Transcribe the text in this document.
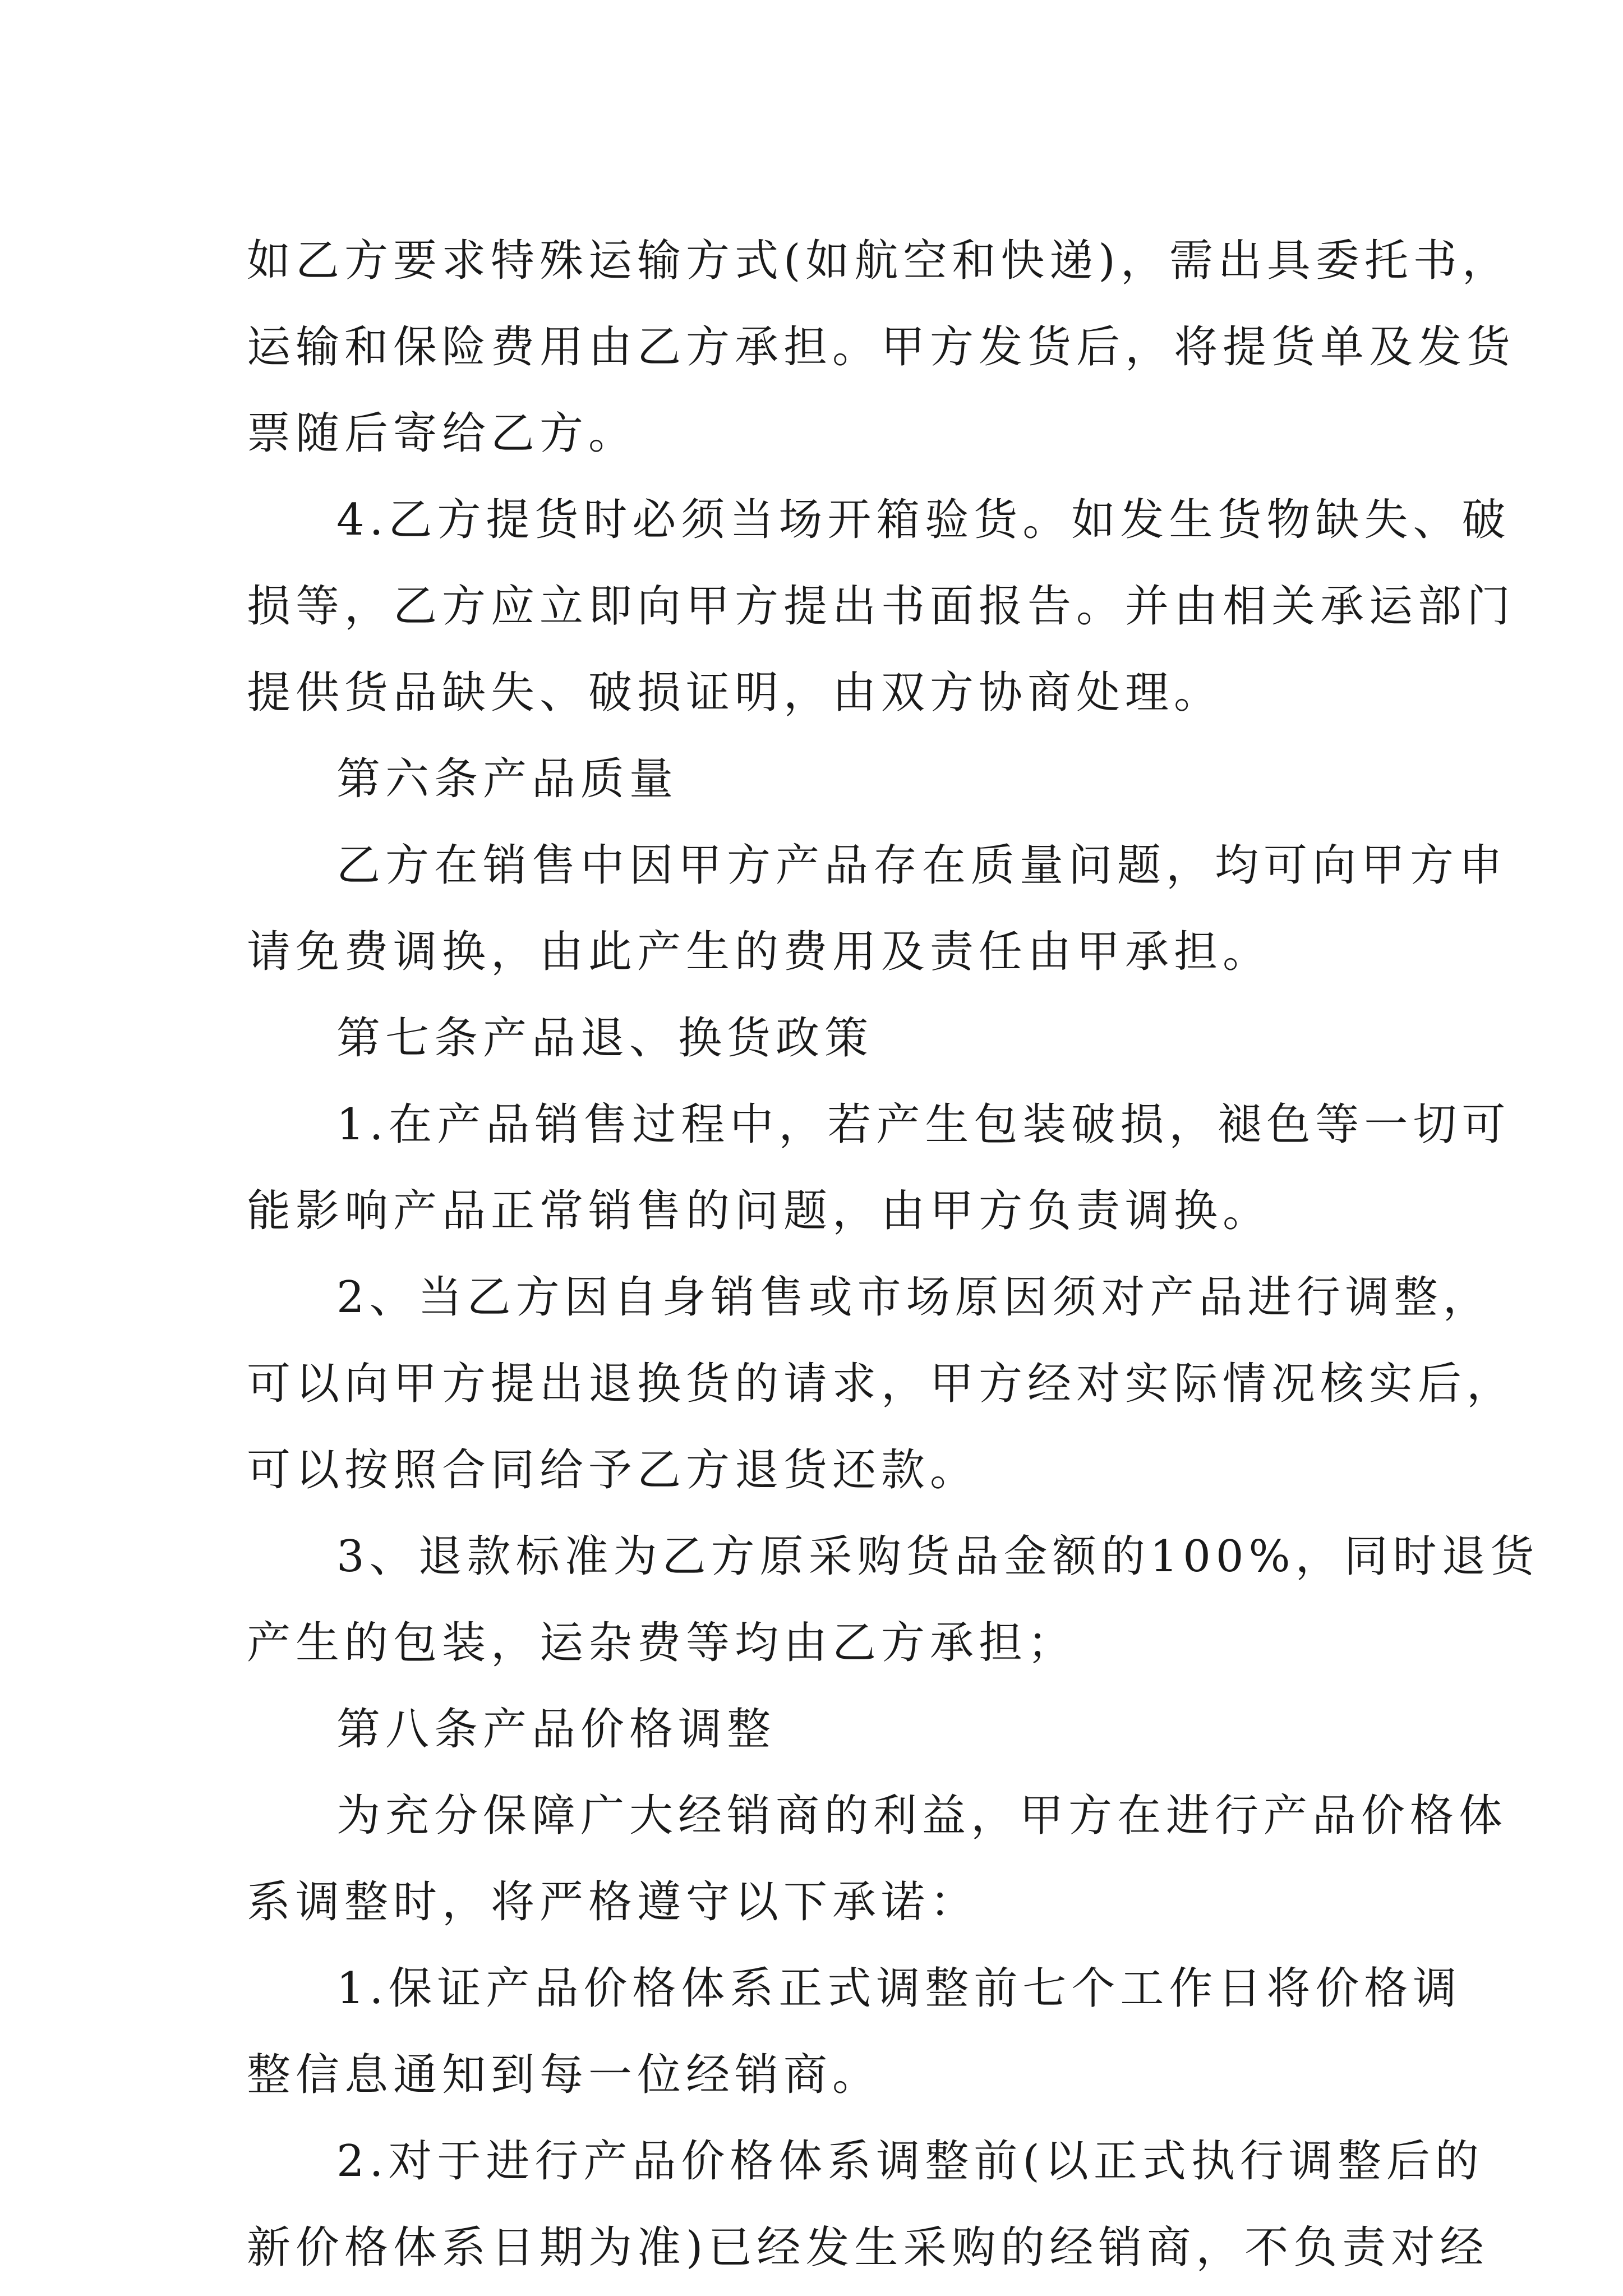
如乙方要求特殊运输方式(如航空和快递)，需出具委托书，
运输和保险费用由乙方承担。甲方发货后，将提货单及发货
票随后寄给乙方。
4.乙方提货时必须当场开箱验货。如发生货物缺失、破
损等，乙方应立即向甲方提出书面报告。并由相关承运部门
提供货品缺失、破损证明，由双方协商处理。
第六条产品质量
乙方在销售中因甲方产品存在质量问题，均可向甲方申
请免费调换，由此产生的费用及责任由甲承担。
第七条产品退、换货政策
1.在产品销售过程中，若产生包装破损，褪色等一切可
能影响产品正常销售的问题，由甲方负责调换。
2、当乙方因自身销售或市场原因须对产品进行调整，
可以向甲方提出退换货的请求，甲方经对实际情况核实后，
可以按照合同给予乙方退货还款。
3、退款标准为乙方原采购货品金额的100%，同时退货
产生的包装，运杂费等均由乙方承担；
第八条产品价格调整
为充分保障广大经销商的利益，甲方在进行产品价格体
系调整时，将严格遵守以下承诺：
1.保证产品价格体系正式调整前七个工作日将价格调
整信息通知到每一位经销商。
2.对于进行产品价格体系调整前(以正式执行调整后的
新价格体系日期为准)已经发生采购的经销商，不负责对经
